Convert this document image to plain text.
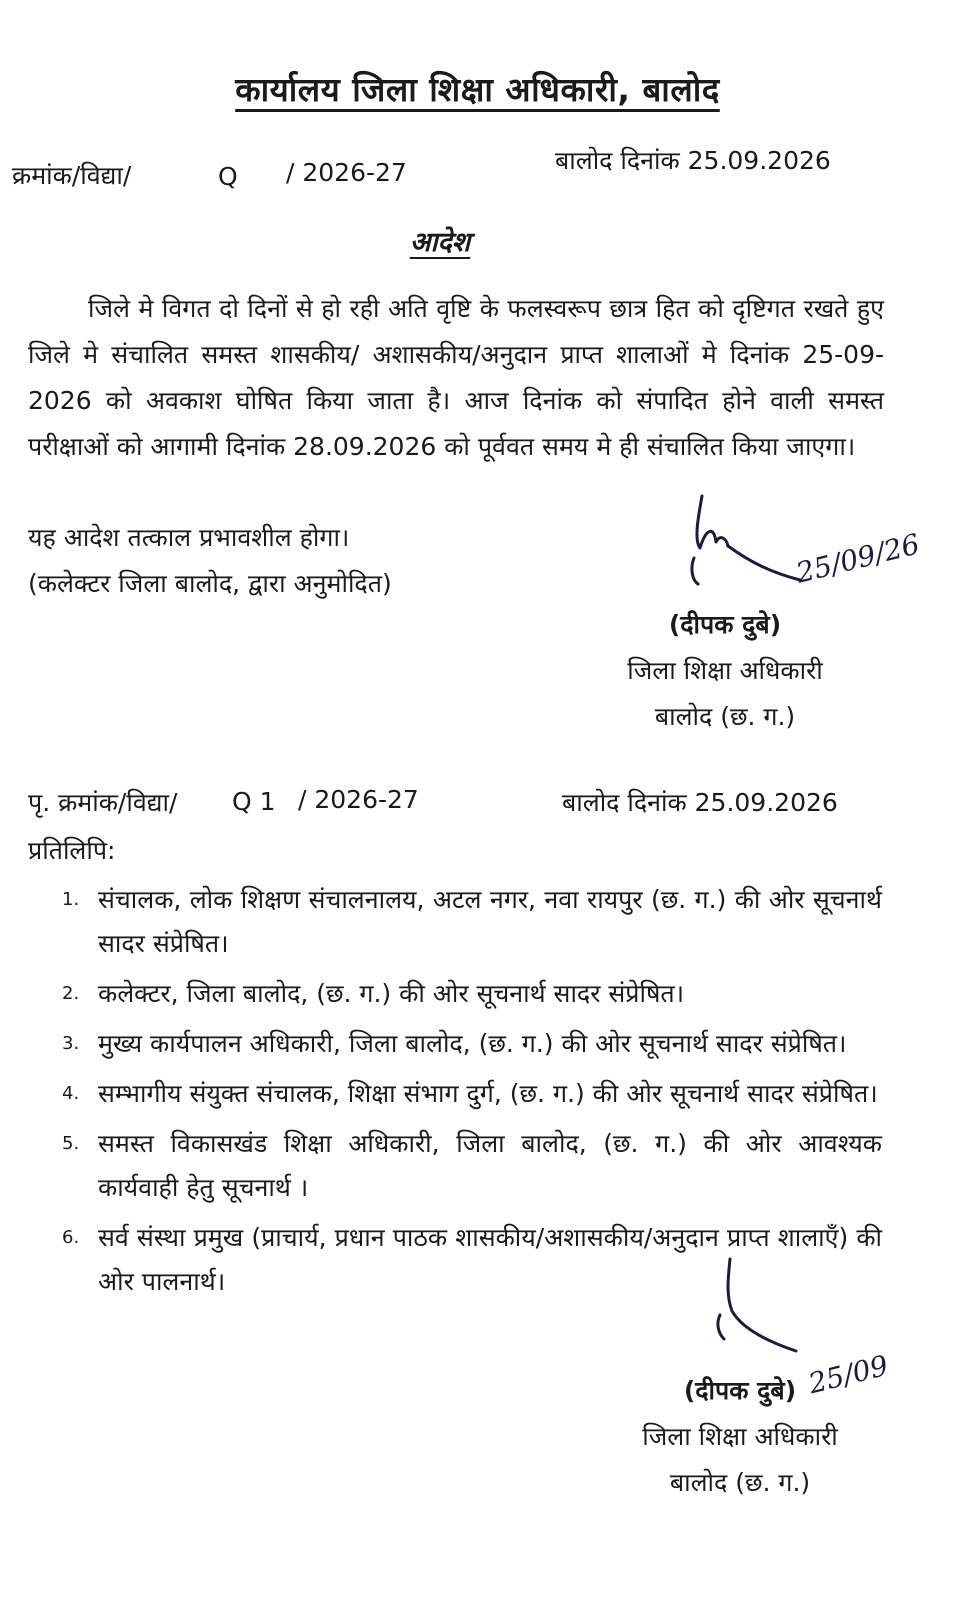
कार्यालय जिला शिक्षा अधिकारी, बालोद
क्रमांक/विद्या/	Q / 2026-27	बालोद दिनांक 25.09.2026
आदेश

जिले मे विगत दो दिनों से हो रही अति वृष्टि के फलस्वरूप छात्र हित को दृष्टिगत रखते हुए जिले मे संचालित समस्त शासकीय/ अशासकीय/अनुदान प्राप्त शालाओं मे दिनांक 25-09-2026 को अवकाश घोषित किया जाता है। आज दिनांक को संपादित होने वाली समस्त परीक्षाओं को आगामी दिनांक 28.09.2026 को पूर्ववत समय मे ही संचालित किया जाएगा।

यह आदेश तत्काल प्रभावशील होगा।
(कलेक्टर जिला बालोद, द्वारा अनुमोदित)	25/09/26
(दीपक दुबे)
जिला शिक्षा अधिकारी
बालोद (छ. ग.)
पृ. क्रमांक/विद्या/ Q 1 / 2026-27	बालोद दिनांक 25.09.2026
प्रतिलिपि:
1. संचालक, लोक शिक्षण संचालनालय, अटल नगर, नवा रायपुर (छ. ग.) की ओर सूचनार्थ सादर संप्रेषित।
2. कलेक्टर, जिला बालोद, (छ. ग.) की ओर सूचनार्थ सादर संप्रेषित।
3. मुख्य कार्यपालन अधिकारी, जिला बालोद, (छ. ग.) की ओर सूचनार्थ सादर संप्रेषित।
4. सम्भागीय संयुक्त संचालक, शिक्षा संभाग दुर्ग, (छ. ग.) की ओर सूचनार्थ सादर संप्रेषित।
5. समस्त विकासखंड शिक्षा अधिकारी, जिला बालोद, (छ. ग.) की ओर आवश्यक कार्यवाही हेतु सूचनार्थ ।
6. सर्व संस्था प्रमुख (प्राचार्य, प्रधान पाठक शासकीय/अशासकीय/अनुदान प्राप्त शालाएँ) की ओर पालनार्थ।
25/09
(दीपक दुबे)
जिला शिक्षा अधिकारी
बालोद (छ. ग.)
